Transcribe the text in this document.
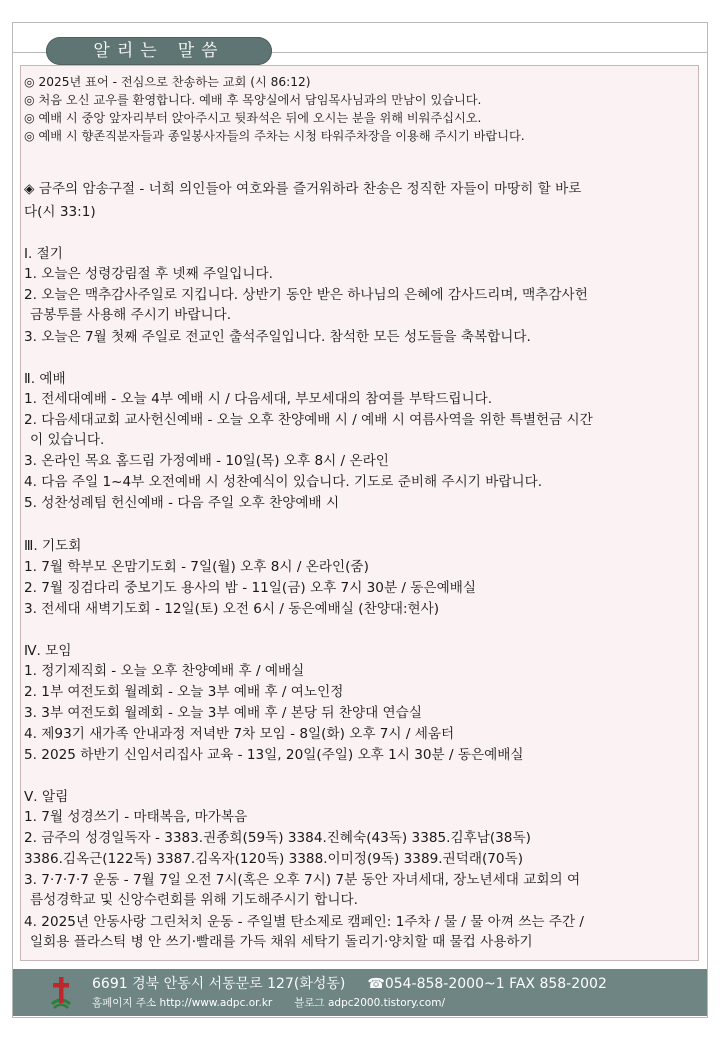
알리는 말씀
◎ 2025년 표어 - 전심으로 찬송하는 교회 (시 86:12)
◎ 처음 오신 교우를 환영합니다. 예배 후 목양실에서 담임목사님과의 만남이 있습니다.
◎ 예배 시 중앙 앞자리부터 앉아주시고 뒷좌석은 뒤에 오시는 분을 위해 비워주십시오.
◎ 예배 시 향존직분자들과 종일봉사자들의 주차는 시청 타워주차장을 이용해 주시기 바랍니다.
◈ 금주의 암송구절 - 너희 의인들아 여호와를 즐거워하라 찬송은 정직한 자들이 마땅히 할 바로
다(시 33:1)
Ⅰ. 절기
1. 오늘은 성령강림절 후 넷째 주일입니다.
2. 오늘은 맥추감사주일로 지킵니다. 상반기 동안 받은 하나님의 은혜에 감사드리며, 맥추감사헌
금봉투를 사용해 주시기 바랍니다.
3. 오늘은 7월 첫째 주일로 전교인 출석주일입니다. 참석한 모든 성도들을 축복합니다.
Ⅱ. 예배
1. 전세대예배 - 오늘 4부 예배 시 / 다음세대, 부모세대의 참여를 부탁드립니다.
2. 다음세대교회 교사헌신예배 - 오늘 오후 찬양예배 시 / 예배 시 여름사역을 위한 특별헌금 시간
이 있습니다.
3. 온라인 목요 홈드림 가정예배 - 10일(목) 오후 8시 / 온라인
4. 다음 주일 1~4부 오전예배 시 성찬예식이 있습니다. 기도로 준비해 주시기 바랍니다.
5. 성찬성례팀 헌신예배 - 다음 주일 오후 찬양예배 시
Ⅲ. 기도회
1. 7월 학부모 온맘기도회 - 7일(월) 오후 8시 / 온라인(줌)
2. 7월 징검다리 중보기도 용사의 밤 - 11일(금) 오후 7시 30분 / 동은예배실
3. 전세대 새벽기도회 - 12일(토) 오전 6시 / 동은예배실 (찬양대:현사)
Ⅳ. 모임
1. 정기제직회 - 오늘 오후 찬양예배 후 / 예배실
2. 1부 여전도회 월례회 - 오늘 3부 예배 후 / 여노인정
3. 3부 여전도회 월례회 - 오늘 3부 예배 후 / 본당 뒤 찬양대 연습실
4. 제93기 새가족 안내과정 저녁반 7차 모임 - 8일(화) 오후 7시 / 세움터
5. 2025 하반기 신임서리집사 교육 - 13일, 20일(주일) 오후 1시 30분 / 동은예배실
Ⅴ. 알림
1. 7월 성경쓰기 - 마태복음, 마가복음
2. 금주의 성경일독자 - 3383.권종희(59독) 3384.진혜숙(43독) 3385.김후남(38독)
3386.김옥근(122독) 3387.김옥자(120독) 3388.이미정(9독) 3389.권덕래(70독)
3. 7·7·7·7 운동 - 7월 7일 오전 7시(혹은 오후 7시) 7분 동안 자녀세대, 장노년세대 교회의 여
름성경학교 및 신앙수련회를 위해 기도해주시기 합니다.
4. 2025년 안동사랑 그린처치 운동 - 주일별 탄소제로 캠페인: 1주차 / 물 / 물 아껴 쓰는 주간 /
일회용 플라스틱 병 안 쓰기·빨래를 가득 채워 세탁기 돌리기·양치할 때 물컵 사용하기
6691 경북 안동시 서동문로 127(화성동) ☎054-858-2000~1 FAX 858-2002
홈페이지 주소 http://www.adpc.or.kr 블로그 adpc2000.tistory.com/
